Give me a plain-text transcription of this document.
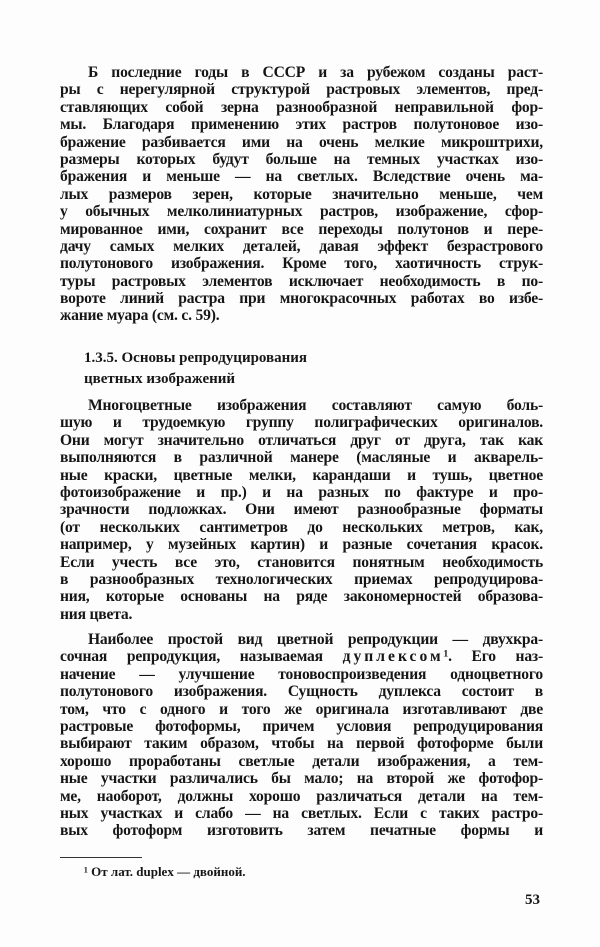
Б последние годы в СССР и за рубежом созданы раст-
ры с нерегулярной структурой растровых элементов, пред-
ставляющих собой зерна разнообразной неправильной фор-
мы. Благодаря применению этих растров полутоновое изо-
бражение разбивается ими на очень мелкие микроштрихи,
размеры которых будут больше на темных участках изо-
бражения и меньше — на светлых. Вследствие очень ма-
лых размеров зерен, которые значительно меньше, чем
у обычных мелколиниатурных растров, изображение, сфор-
мированное ими, сохранит все переходы полутонов и пере-
дачу самых мелких деталей, давая эффект безрастрового
полутонового изображения. Кроме того, хаотичность струк-
туры растровых элементов исключает необходимость в по-
вороте линий растра при многокрасочных работах во избе-
жание муара (см. с. 59).
1.3.5. Основы репродуцирования
цветных изображений
Многоцветные изображения составляют самую боль-
шую и трудоемкую группу полиграфических оригиналов.
Они могут значительно отличаться друг от друга, так как
выполняются в различной манере (масляные и акварель-
ные краски, цветные мелки, карандаши и тушь, цветное
фотоизображение и пр.) и на разных по фактуре и про-
зрачности подложках. Они имеют разнообразные форматы
(от нескольких сантиметров до нескольких метров, как,
например, у музейных картин) и разные сочетания красок.
Если учесть все это, становится понятным необходимость
в разнообразных технологических приемах репродуцирова-
ния, которые основаны на ряде закономерностей образова-
ния цвета.
Наиболее простой вид цветной репродукции — двухкра-
сочная репродукция, называемая дуплексом¹. Его наз-
начение — улучшение тоновоспроизведения одноцветного
полутонового изображения. Сущность дуплекса состоит в
том, что с одного и того же оригинала изготавливают две
растровые фотоформы, причем условия репродуцирования
выбирают таким образом, чтобы на первой фотоформе были
хорошо проработаны светлые детали изображения, а тем-
ные участки различались бы мало; на второй же фотофор-
ме, наоборот, должны хорошо различаться детали на тем-
ных участках и слабо — на светлых. Если с таких растро-
вых фотоформ изготовить затем печатные формы и
¹ От лат. duplex — двойной.
53
